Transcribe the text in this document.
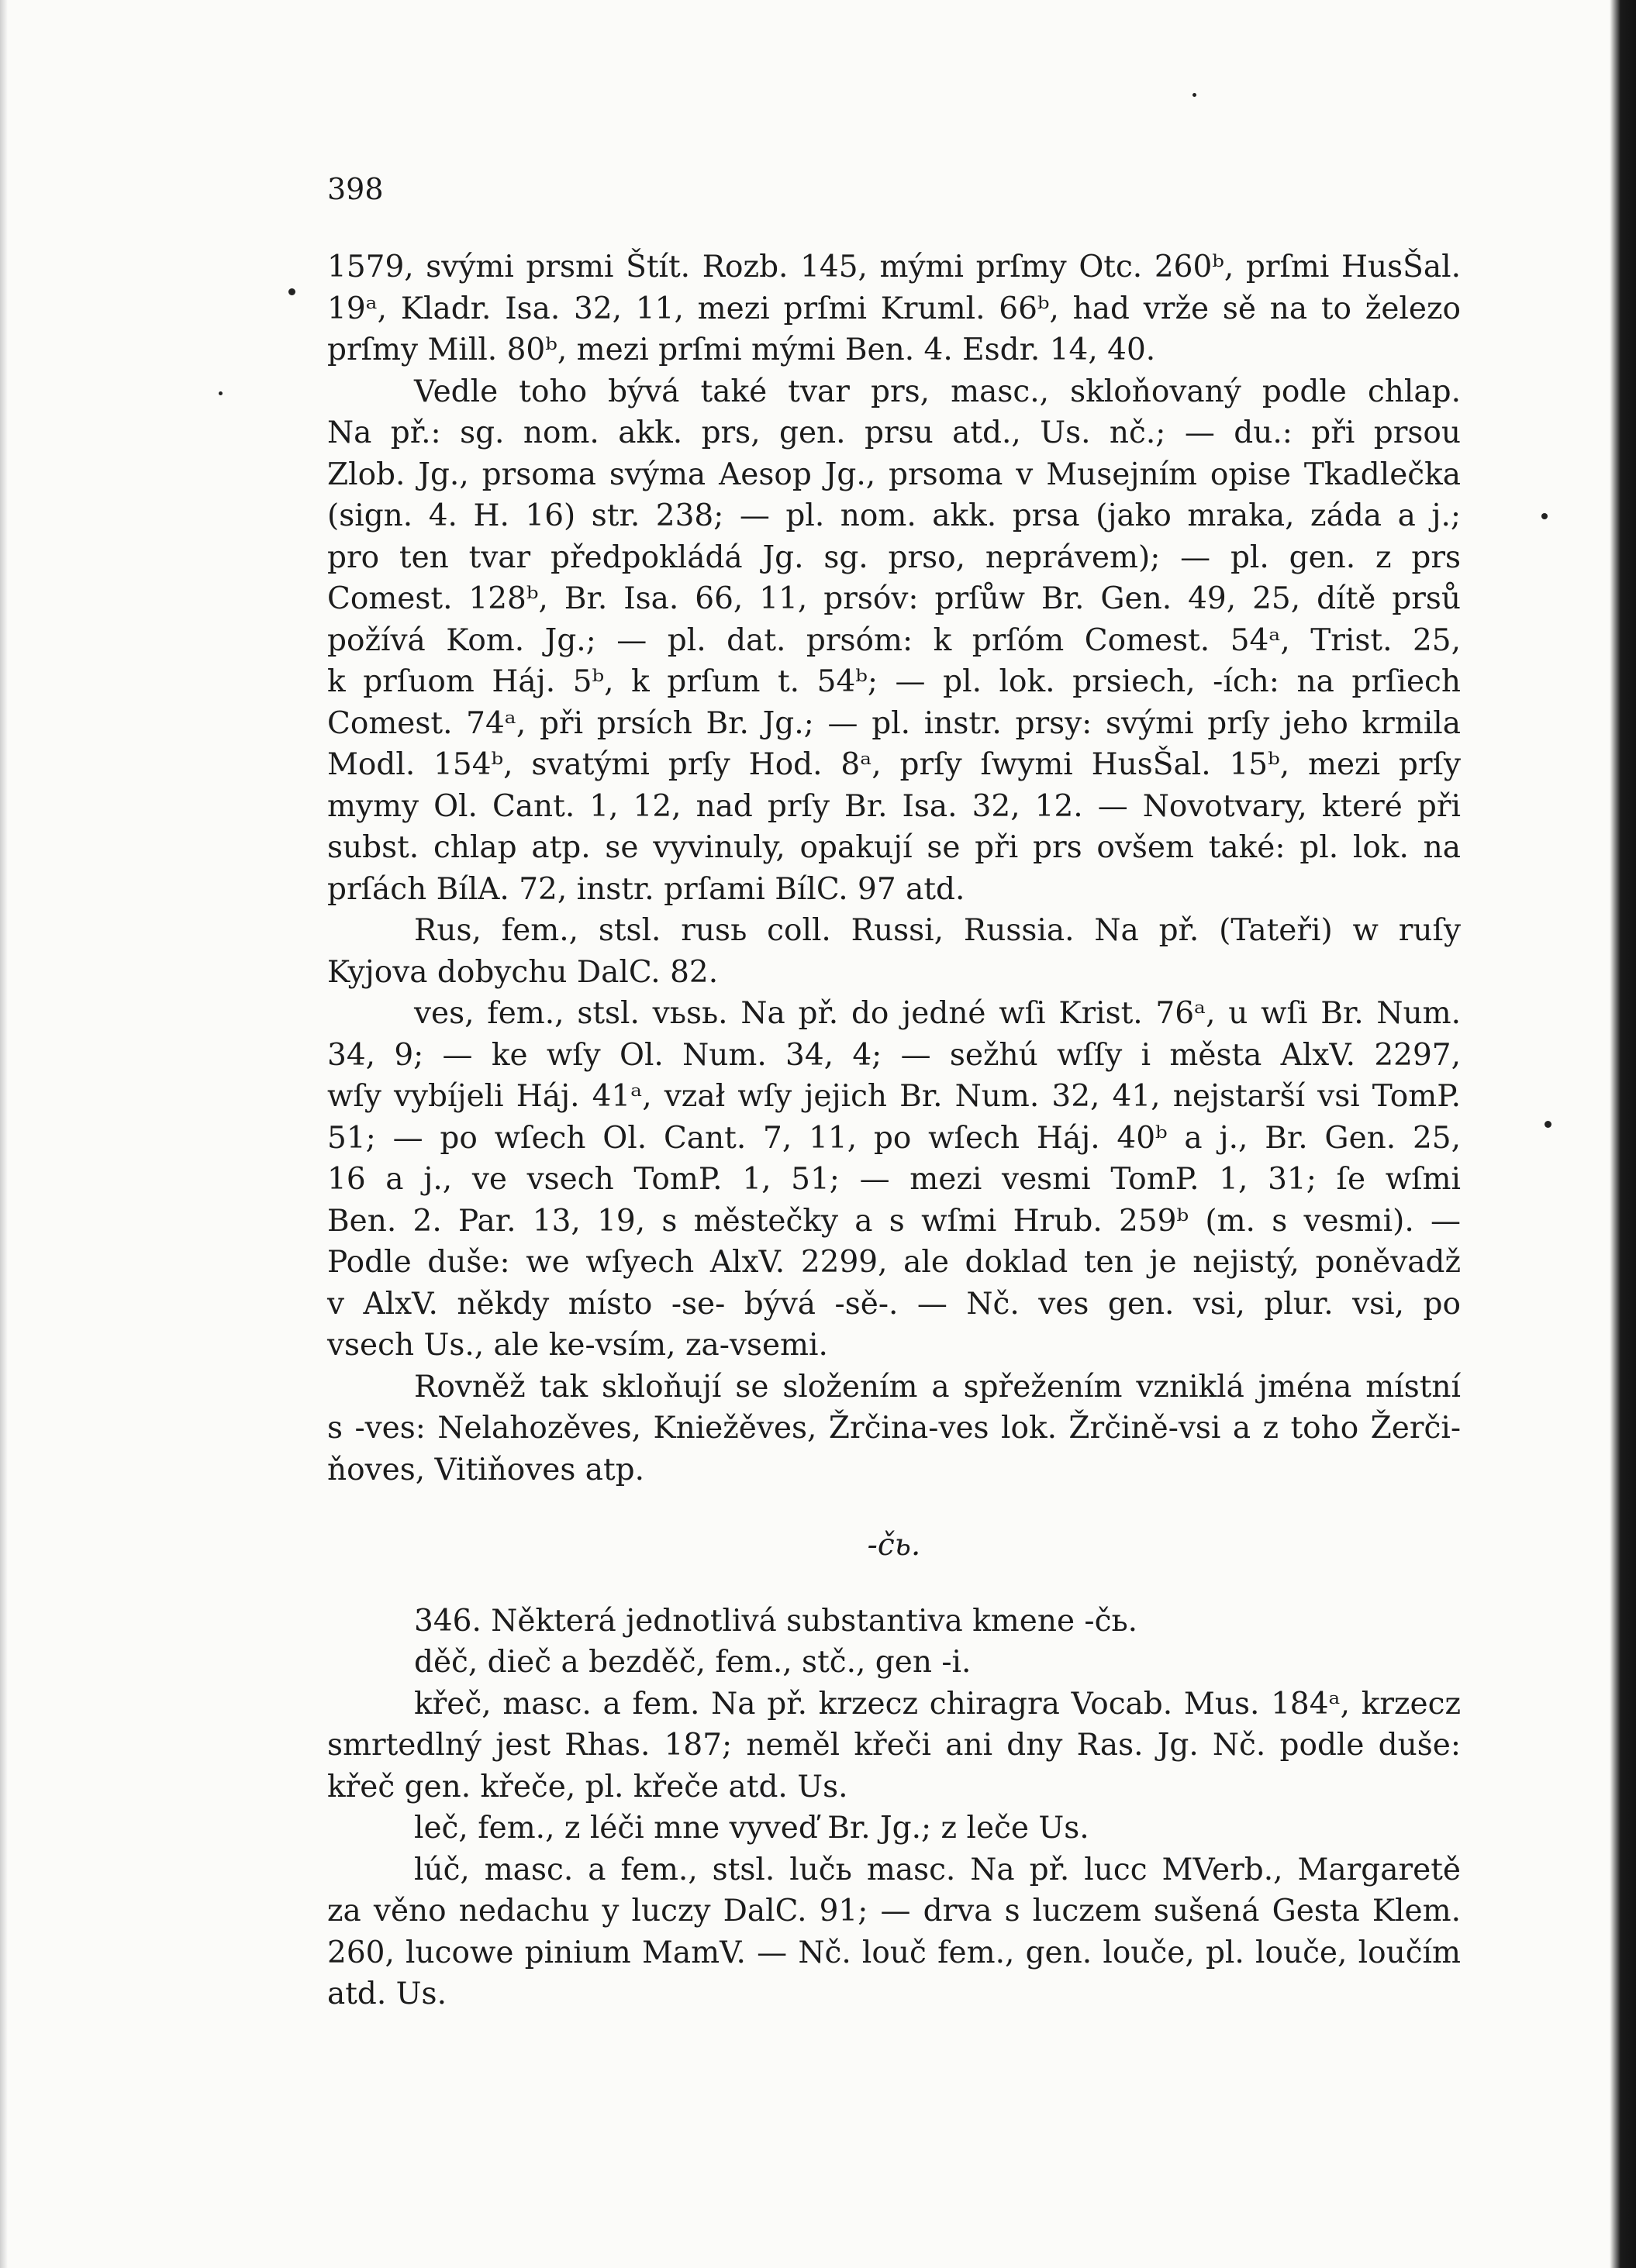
398
1579, svými prsmi Štít. Rozb. 145, mými prſmy Otc. 260ᵇ, prſmi HusŠal.
19ᵃ, Kladr. Isa. 32, 11, mezi prſmi Kruml. 66ᵇ, had vrže sě na to železo
prſmy Mill. 80ᵇ, mezi prſmi mými Ben. 4. Esdr. 14, 40.
Vedle toho bývá také tvar prs, masc., skloňovaný podle chlap.
Na př.: sg. nom. akk. prs, gen. prsu atd., Us. nč.; — du.: při prsou
Zlob. Jg., prsoma svýma Aesop Jg., prsoma v Musejním opise Tkadlečka
(sign. 4. H. 16) str. 238; — pl. nom. akk. prsa (jako mraka, záda a j.;
pro ten tvar předpokládá Jg. sg. prso, neprávem); — pl. gen. z prs
Comest. 128ᵇ, Br. Isa. 66, 11, prsóv: prſůw Br. Gen. 49, 25, dítě prsů
požívá Kom. Jg.; — pl. dat. prsóm: k prſóm Comest. 54ᵃ, Trist. 25,
k prſuom Háj. 5ᵇ, k prſum t. 54ᵇ; — pl. lok. prsiech, -ích: na prſiech
Comest. 74ᵃ, při prsích Br. Jg.; — pl. instr. prsy: svými prſy jeho krmila
Modl. 154ᵇ, svatými prſy Hod. 8ᵃ, prſy ſwymi HusŠal. 15ᵇ, mezi prſy
mymy Ol. Cant. 1, 12, nad prſy Br. Isa. 32, 12. — Novotvary, které při
subst. chlap atp. se vyvinuly, opakují se při prs ovšem také: pl. lok. na
prſách BílA. 72, instr. prſami BílC. 97 atd.
Rus, fem., stsl. rusь coll. Russi, Russia. Na př. (Tateři) w ruſy
Kyjova dobychu DalC. 82.
ves, fem., stsl. vьsь. Na př. do jedné wſi Krist. 76ᵃ, u wſi Br. Num.
34, 9; — ke wſy Ol. Num. 34, 4; — sežhú wſſy i města AlxV. 2297,
wſy vybíjeli Háj. 41ᵃ, vzał wſy jejich Br. Num. 32, 41, nejstarší vsi TomP.
51; — po wſech Ol. Cant. 7, 11, po wſech Háj. 40ᵇ a j., Br. Gen. 25,
16 a j., ve vsech TomP. 1, 51; — mezi vesmi TomP. 1, 31; ſe wſmi
Ben. 2. Par. 13, 19, s městečky a s wſmi Hrub. 259ᵇ (m. s vesmi). —
Podle duše: we wſyech AlxV. 2299, ale doklad ten je nejistý, poněvadž
v AlxV. někdy místo -se- bývá -sě-. — Nč. ves gen. vsi, plur. vsi, po
vsech Us., ale ke-vsím, za-vsemi.
Rovněž tak skloňují se složením a spřežením vzniklá jména místní
s -ves: Nelahozěves, Kniežěves, Žrčina-ves lok. Žrčině-vsi a z toho Žerči-
ňoves, Vitiňoves atp.
-čь.
346. Některá jednotlivá substantiva kmene -čь.
děč, dieč a bezděč, fem., stč., gen -i.
křeč, masc. a fem. Na př. krzecz chiragra Vocab. Mus. 184ᵃ, krzecz
smrtedlný jest Rhas. 187; neměl křeči ani dny Ras. Jg. Nč. podle duše:
křeč gen. křeče, pl. křeče atd. Us.
leč, fem., z léči mne vyveď Br. Jg.; z leče Us.
lúč, masc. a fem., stsl. lučь masc. Na př. lucc MVerb., Margaretě
za věno nedachu y luczy DalC. 91; — drva s luczem sušená Gesta Klem.
260, lucowe pinium MamV. — Nč. louč fem., gen. louče, pl. louče, loučím
atd. Us.
